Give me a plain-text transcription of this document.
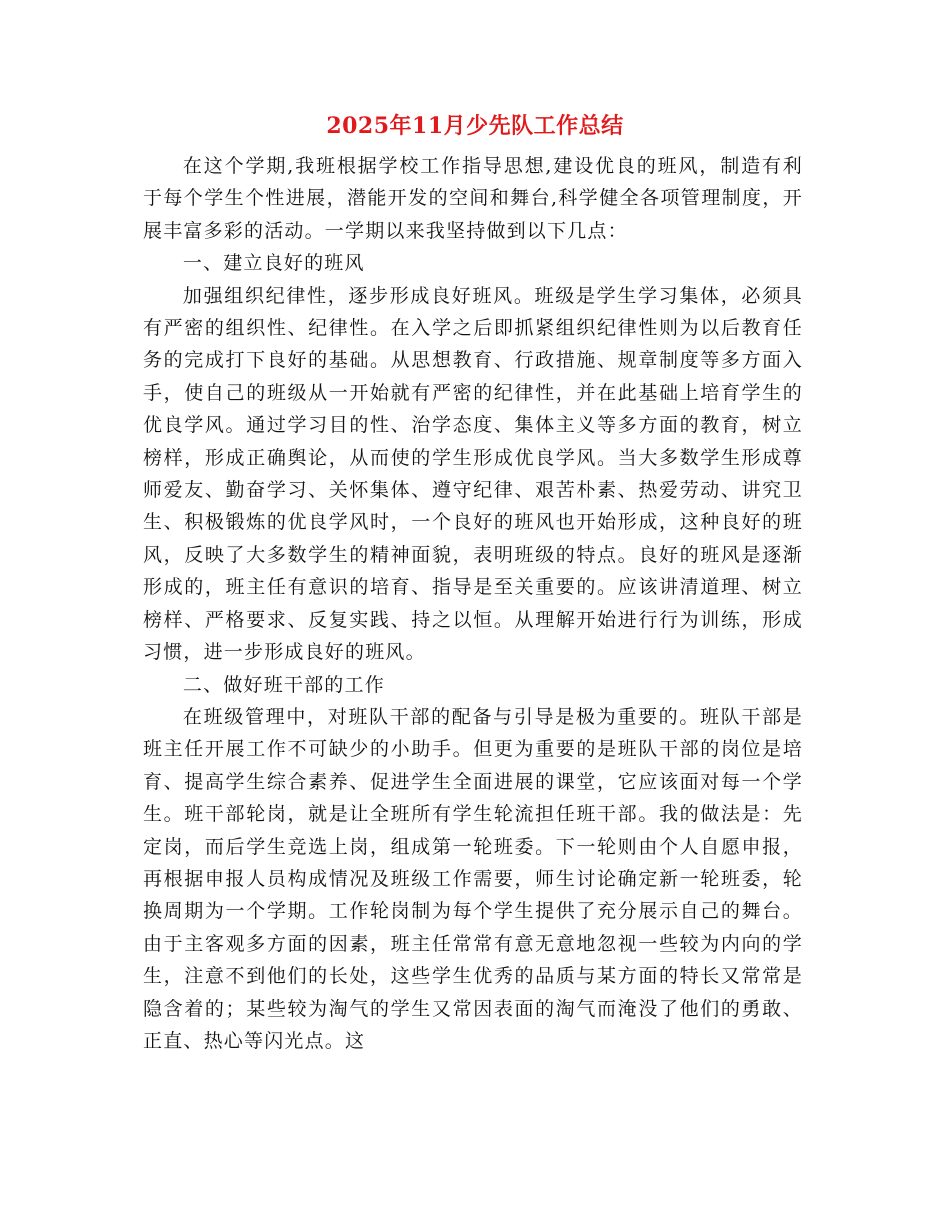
2025年11月少先队工作总结

在这个学期,我班根据学校工作指导思想,建设优良的班风，制造有利于每个学生个性进展，潜能开发的空间和舞台,科学健全各项管理制度，开展丰富多彩的活动。一学期以来我坚持做到以下几点：

一、建立良好的班风

加强组织纪律性，逐步形成良好班风。班级是学生学习集体，必须具有严密的组织性、纪律性。在入学之后即抓紧组织纪律性则为以后教育任务的完成打下良好的基础。从思想教育、行政措施、规章制度等多方面入手，使自己的班级从一开始就有严密的纪律性，并在此基础上培育学生的优良学风。通过学习目的性、治学态度、集体主义等多方面的教育，树立榜样，形成正确舆论，从而使的学生形成优良学风。当大多数学生形成尊师爱友、勤奋学习、关怀集体、遵守纪律、艰苦朴素、热爱劳动、讲究卫生、积极锻炼的优良学风时，一个良好的班风也开始形成，这种良好的班风，反映了大多数学生的精神面貌，表明班级的特点。良好的班风是逐渐形成的，班主任有意识的培育、指导是至关重要的。应该讲清道理、树立榜样、严格要求、反复实践、持之以恒。从理解开始进行行为训练，形成习惯，进一步形成良好的班风。

二、做好班干部的工作

在班级管理中，对班队干部的配备与引导是极为重要的。班队干部是班主任开展工作不可缺少的小助手。但更为重要的是班队干部的岗位是培育、提高学生综合素养、促进学生全面进展的课堂，它应该面对每一个学生。班干部轮岗，就是让全班所有学生轮流担任班干部。我的做法是：先定岗，而后学生竞选上岗，组成第一轮班委。下一轮则由个人自愿申报，再根据申报人员构成情况及班级工作需要，师生讨论确定新一轮班委，轮换周期为一个学期。工作轮岗制为每个学生提供了充分展示自己的舞台。由于主客观多方面的因素，班主任常常有意无意地忽视一些较为内向的学生，注意不到他们的长处，这些学生优秀的品质与某方面的特长又常常是隐含着的；某些较为淘气的学生又常因表面的淘气而淹没了他们的勇敢、正直、热心等闪光点。这
